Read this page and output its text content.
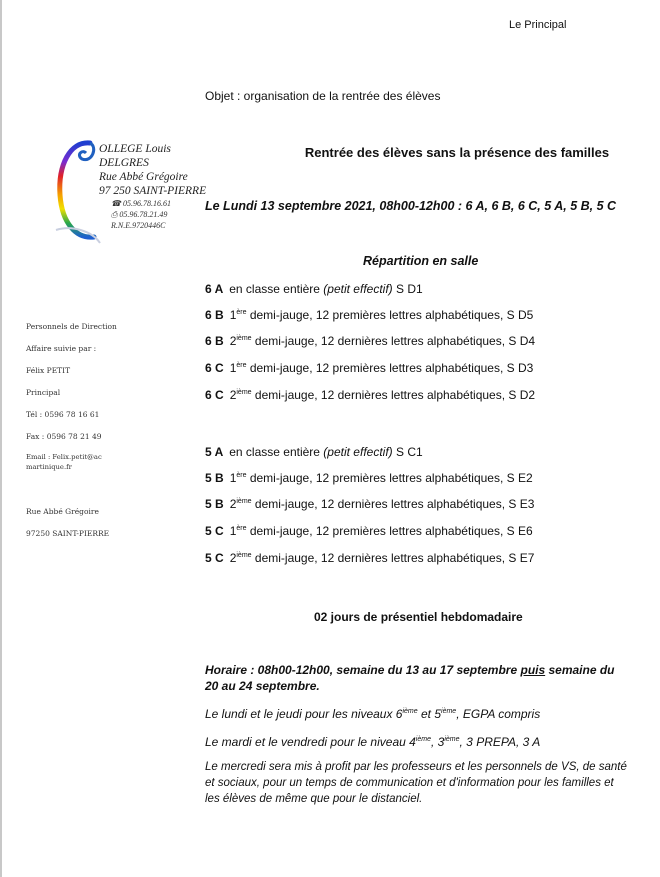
Le Principal
Objet : organisation de la rentrée des élèves
OLLEGE Louis DELGRES
Rue Abbé Grégoire
97 250 SAINT-PIERRE
☎ 05.96.78.16.61
⎙ 05.96.78.21.49
R.N.E.9720446C
Personnels de Direction
Affaire suivie par :
Félix PETIT
Principal
Tél : 0596 78 16 61
Fax : 0596 78 21 49
Email : Felix.petit@ac
martinique.fr
Rue Abbé Grégoire
97250 SAINT-PIERRE
Rentrée des élèves sans la présence des familles
Le Lundi 13 septembre 2021, 08h00-12h00 : 6 A, 6 B, 6 C, 5 A, 5 B, 5 C
Répartition en salle
6 A en classe entière (petit effectif) S D1
6 B 1ère demi-jauge, 12 premières lettres alphabétiques, S D5
6 B 2ième demi-jauge, 12 dernières lettres alphabétiques, S D4
6 C 1ère demi-jauge, 12 premières lettres alphabétiques, S D3
6 C 2ième demi-jauge, 12 dernières lettres alphabétiques, S D2
5 A en classe entière (petit effectif) S C1
5 B 1ère demi-jauge, 12 premières lettres alphabétiques, S E2
5 B 2ième demi-jauge, 12 dernières lettres alphabétiques, S E3
5 C 1ère demi-jauge, 12 premières lettres alphabétiques, S E6
5 C 2ième demi-jauge, 12 dernières lettres alphabétiques, S E7
02 jours de présentiel hebdomadaire
Horaire : 08h00-12h00, semaine du 13 au 17 septembre puis semaine du 20 au 24 septembre.
Le lundi et le jeudi pour les niveaux 6ième et 5ième, EGPA compris
Le mardi et le vendredi pour le niveau 4ième, 3ième, 3 PREPA, 3 A
Le mercredi sera mis à profit par les professeurs et les personnels de VS, de santé et sociaux, pour un temps de communication et d'information pour les familles et les élèves de même que pour le distanciel.
